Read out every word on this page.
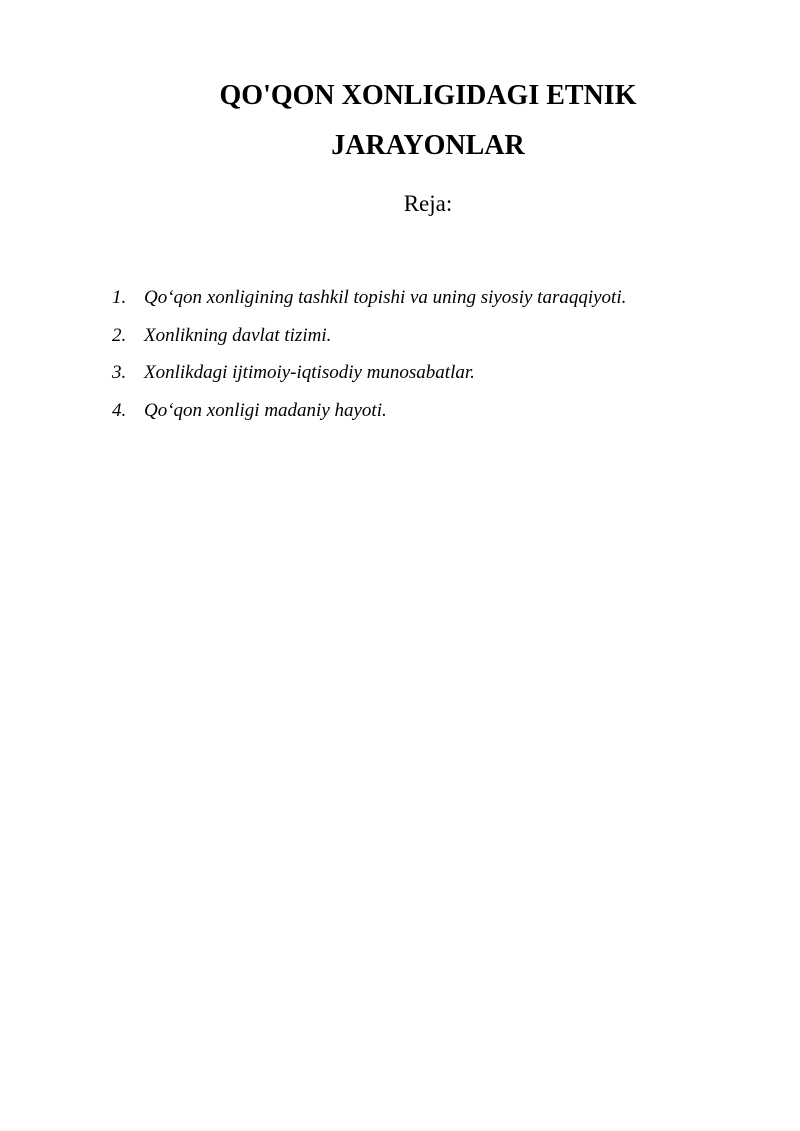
QO'QON XONLIGIDAGI ETNIK
JARAYONLAR

Reja:

1. Qo‘qon xonligining tashkil topishi va uning siyosiy taraqqiyoti.
2. Xonlikning davlat tizimi.
3. Xonlikdagi ijtimoiy-iqtisodiy munosabatlar.
4. Qo‘qon xonligi madaniy hayoti.
